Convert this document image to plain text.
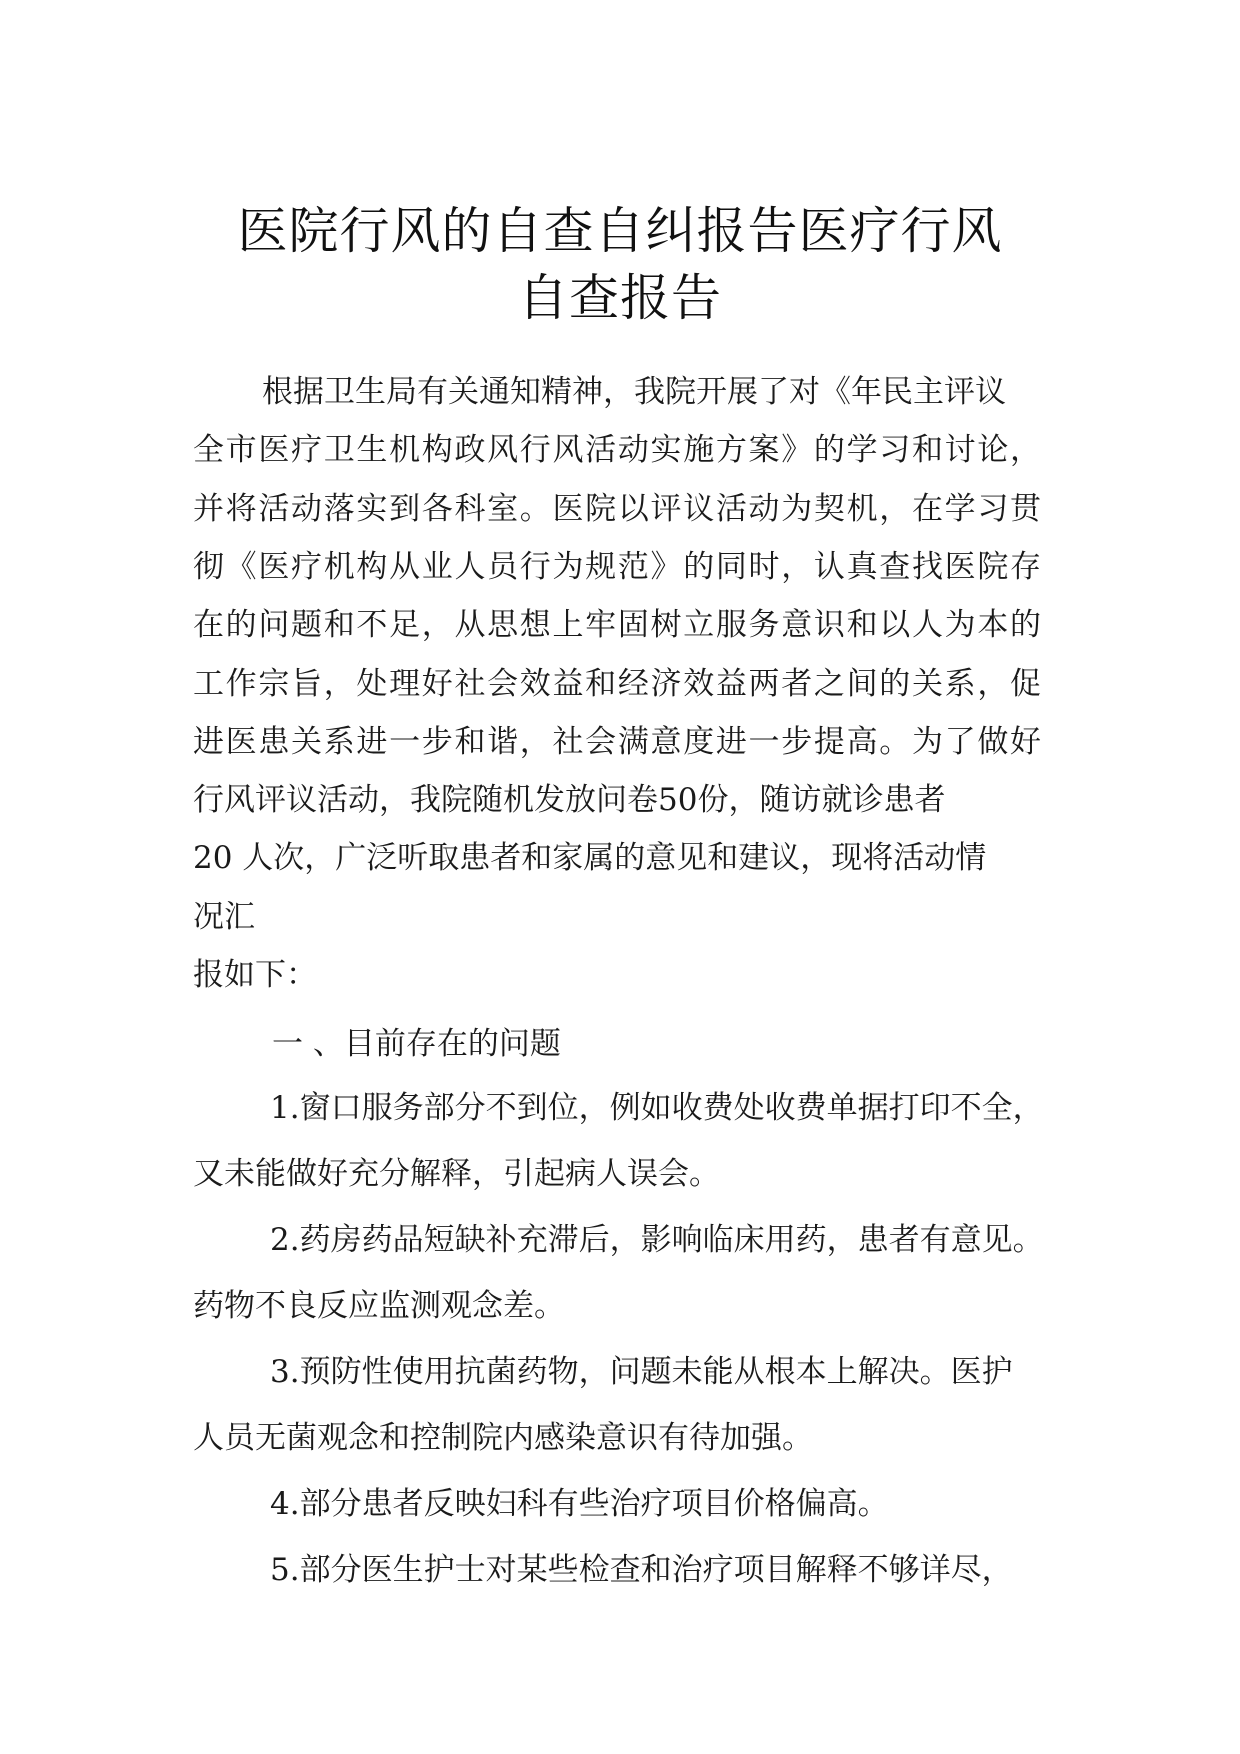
医院行风的自查自纠报告医疗行风
自查报告
根据卫生局有关通知精神，我院开展了对《年民主评议
全市医疗卫生机构政风行风活动实施方案》的学习和讨论，
并将活动落实到各科室。医院以评议活动为契机，在学习贯
彻《医疗机构从业人员行为规范》的同时，认真查找医院存
在的问题和不足，从思想上牢固树立服务意识和以人为本的
工作宗旨，处理好社会效益和经济效益两者之间的关系，促
进医患关系进一步和谐，社会满意度进一步提高。为了做好
行风评议活动，我院随机发放问卷50份，随访就诊患者
20 人次，广泛听取患者和家属的意见和建议，现将活动情
况汇
报如下：
一 、目前存在的问题
1.窗口服务部分不到位，例如收费处收费单据打印不全，
又未能做好充分解释，引起病人误会。
2.药房药品短缺补充滞后，影响临床用药，患者有意见。
药物不良反应监测观念差。
3.预防性使用抗菌药物，问题未能从根本上解决。医护
人员无菌观念和控制院内感染意识有待加强。
4.部分患者反映妇科有些治疗项目价格偏高。
5.部分医生护士对某些检查和治疗项目解释不够详尽，
